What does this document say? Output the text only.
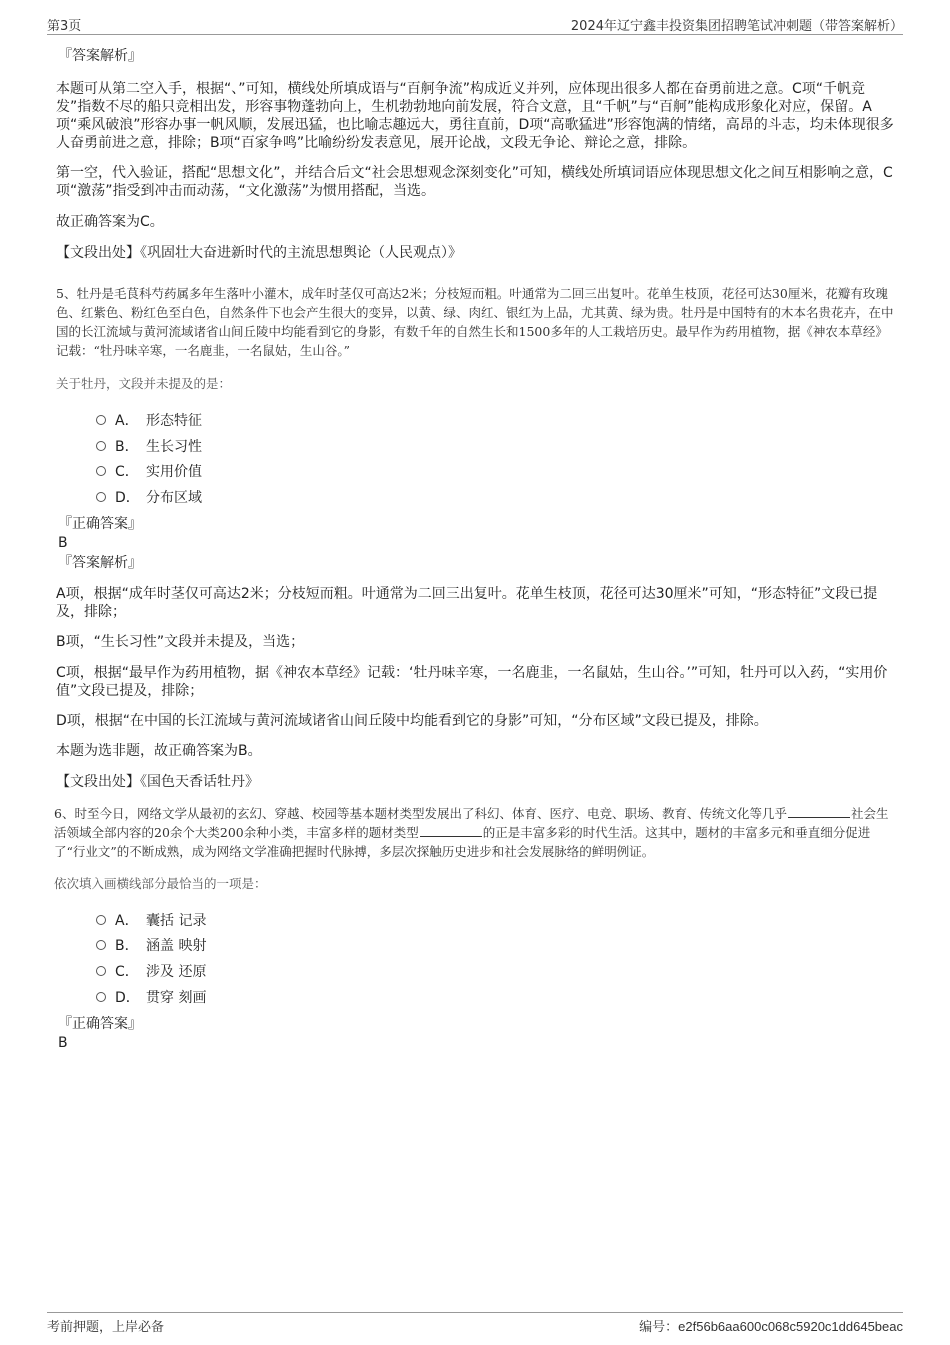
第3页	2024年辽宁鑫丰投资集团招聘笔试冲刺题（带答案解析）
『答案解析』

本题可从第二空入手，根据“、”可知，横线处所填成语与“百舸争流”构成近义并列，应体现出很多人都在奋勇前进之意。C项“千帆竞发”指数不尽的船只竞相出发，形容事物蓬勃向上，生机勃勃地向前发展，符合文意，且“千帆”与“百舸”能构成形象化对应，保留。A项“乘风破浪”形容办事一帆风顺，发展迅猛，也比喻志趣远大，勇往直前，D项“高歌猛进”形容饱满的情绪，高昂的斗志，均未体现很多人奋勇前进之意，排除；B项“百家争鸣”比喻纷纷发表意见，展开论战，文段无争论、辩论之意，排除。

第一空，代入验证，搭配“思想文化”，并结合后文“社会思想观念深刻变化”可知，横线处所填词语应体现思想文化之间互相影响之意，C项“激荡”指受到冲击而动荡，“文化激荡”为惯用搭配，当选。

故正确答案为C。

【文段出处】《巩固壮大奋进新时代的主流思想舆论（人民观点）》

5、牡丹是毛茛科芍药属多年生落叶小灌木，成年时茎仅可高达2米；分枝短而粗。叶通常为二回三出复叶。花单生枝顶，花径可达30厘米，花瓣有玫瑰色、红紫色、粉红色至白色，自然条件下也会产生很大的变异，以黄、绿、肉红、银红为上品，尤其黄、绿为贵。牡丹是中国特有的木本名贵花卉，在中国的长江流域与黄河流域诸省山间丘陵中均能看到它的身影，有数千年的自然生长和1500多年的人工栽培历史。最早作为药用植物，据《神农本草经》记载：“牡丹味辛寒，一名鹿韭，一名鼠姑，生山谷。”

关于牡丹，文段并未提及的是：

A． 形态特征
B． 生长习性
C． 实用价值
D． 分布区域
『正确答案』
B
『答案解析』

A项，根据“成年时茎仅可高达2米；分枝短而粗。叶通常为二回三出复叶。花单生枝顶，花径可达30厘米”可知，“形态特征”文段已提及，排除；

B项，“生长习性”文段并未提及，当选；

C项，根据“最早作为药用植物，据《神农本草经》记载：‘牡丹味辛寒，一名鹿韭，一名鼠姑，生山谷。’”可知，牡丹可以入药，“实用价值”文段已提及，排除；

D项，根据“在中国的长江流域与黄河流域诸省山间丘陵中均能看到它的身影”可知，“分布区域”文段已提及，排除。

本题为选非题，故正确答案为B。

【文段出处】《国色天香话牡丹》

6、时至今日，网络文学从最初的玄幻、穿越、校园等基本题材类型发展出了科幻、体育、医疗、电竞、职场、教育、传统文化等几乎	社会生活领域全部内容的20余个大类200余种小类，丰富多样的题材类型	的正是丰富多彩的时代生活。这其中，题材的丰富多元和垂直细分促进了“行业文”的不断成熟，成为网络文学准确把握时代脉搏，多层次探触历史进步和社会发展脉络的鲜明例证。

依次填入画横线部分最恰当的一项是：

A． 囊括 记录
B． 涵盖 映射
C． 涉及 还原
D． 贯穿 刻画
『正确答案』
B
考前押题，上岸必备	编号：e2f56b6aa600c068c5920c1dd645beac
